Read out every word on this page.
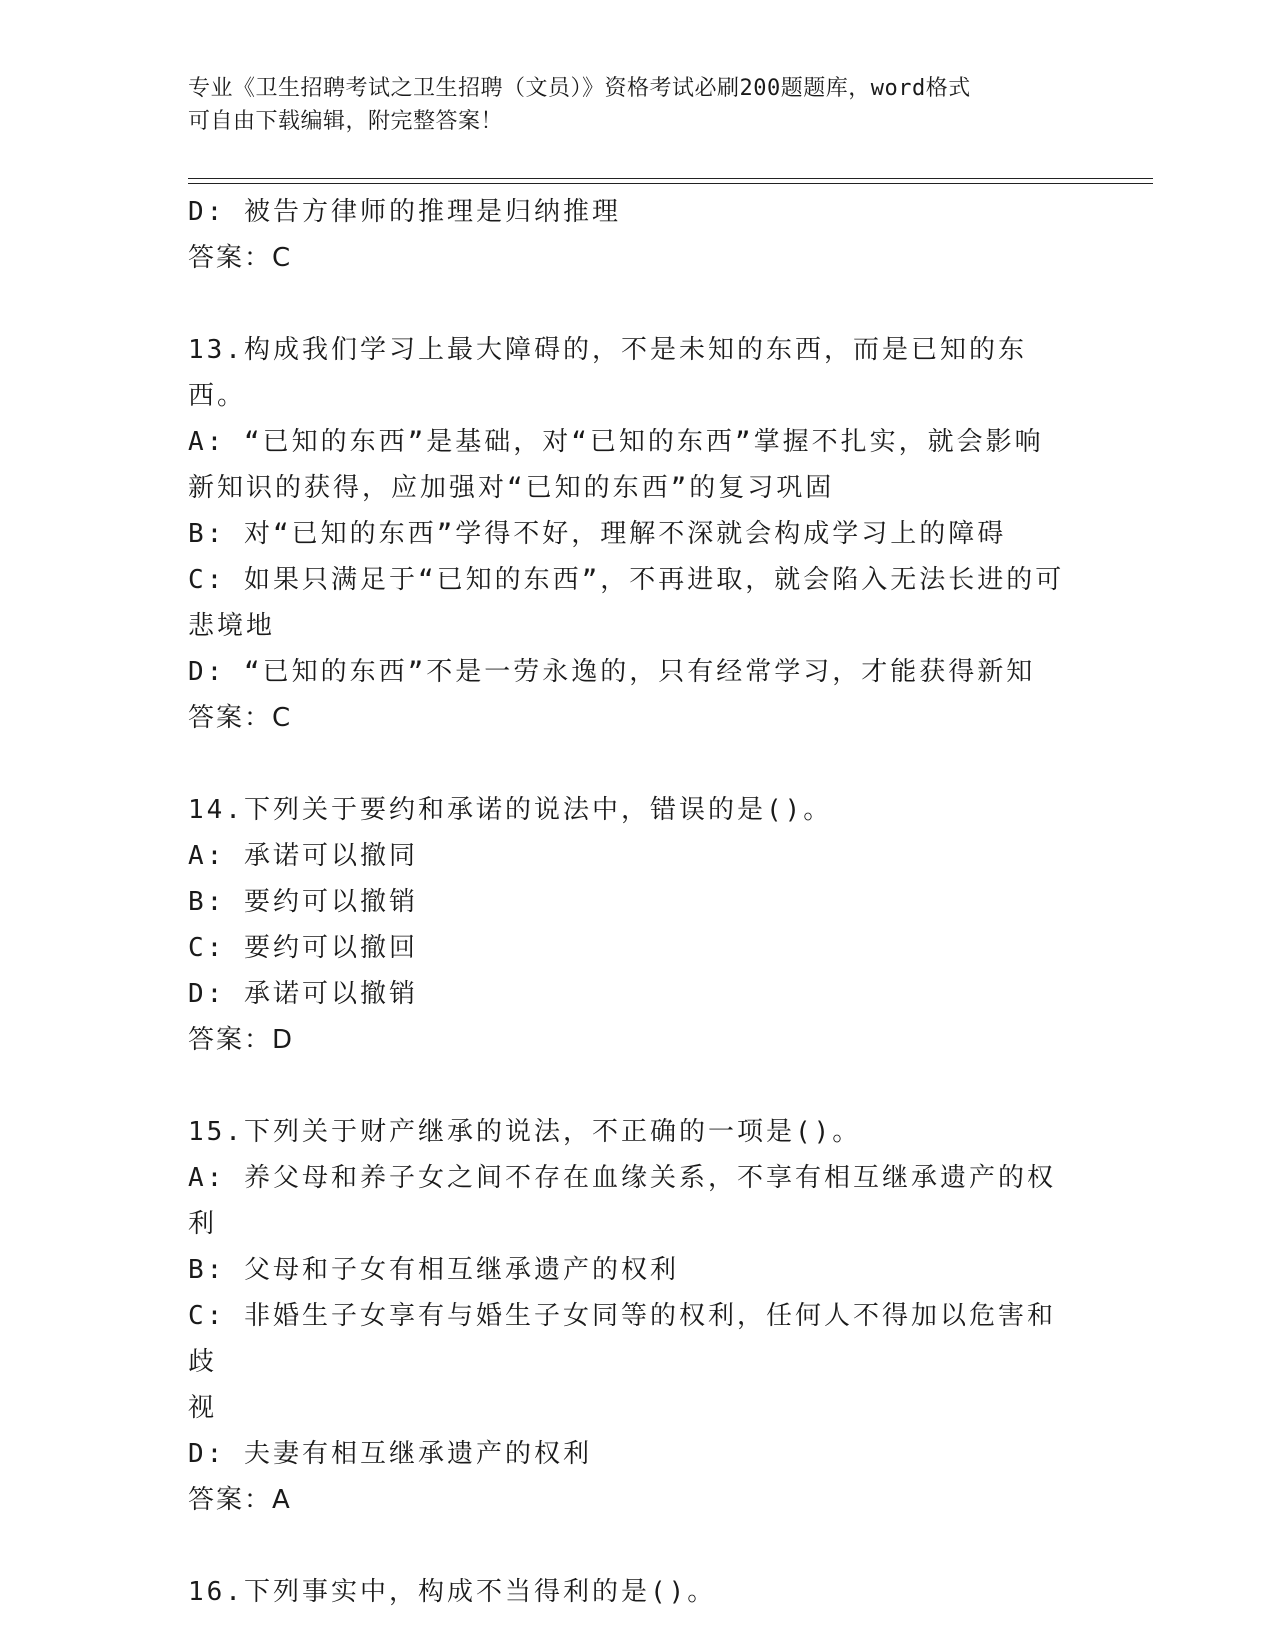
专业《卫生招聘考试之卫生招聘（文员）》资格考试必刷200题题库，word格式
可自由下载编辑，附完整答案！
D: 被告方律师的推理是归纳推理
答案：C
13.构成我们学习上最大障碍的，不是未知的东西，而是已知的东西。
A: “已知的东西”是基础，对“已知的东西”掌握不扎实，就会影响
新知识的获得，应加强对“已知的东西”的复习巩固
B: 对“已知的东西”学得不好，理解不深就会构成学习上的障碍
C: 如果只满足于“已知的东西”，不再进取，就会陷入无法长进的可
悲境地
D: “已知的东西”不是一劳永逸的，只有经常学习，才能获得新知
答案：C
14.下列关于要约和承诺的说法中，错误的是()。
A: 承诺可以撤同
B: 要约可以撤销
C: 要约可以撤回
D: 承诺可以撤销
答案：D
15.下列关于财产继承的说法，不正确的一项是()。
A: 养父母和养子女之间不存在血缘关系，不享有相互继承遗产的权利
B: 父母和子女有相互继承遗产的权利
C: 非婚生子女享有与婚生子女同等的权利，任何人不得加以危害和歧
视
D: 夫妻有相互继承遗产的权利
答案：A
16.下列事实中，构成不当得利的是()。
